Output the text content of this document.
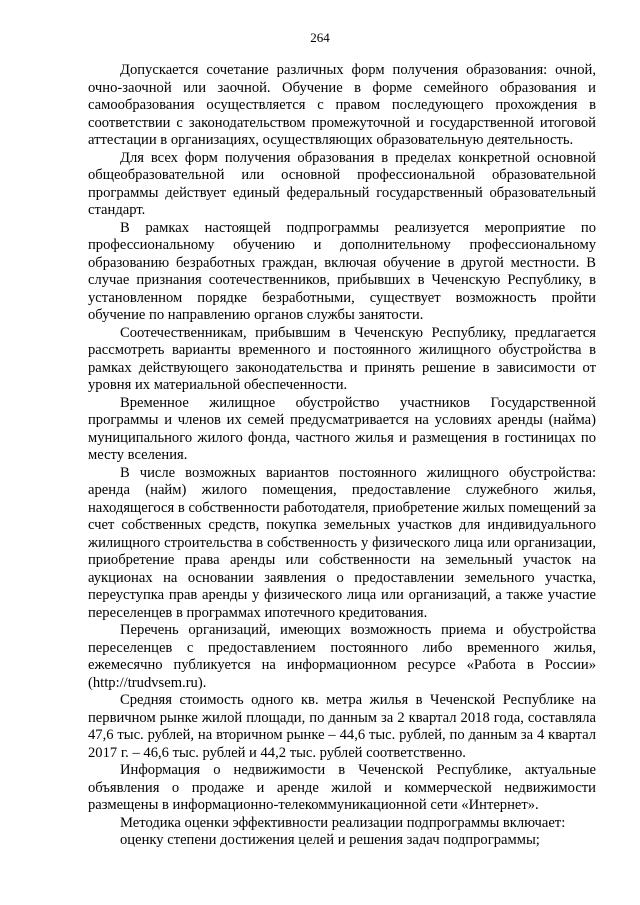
264

Допускается сочетание различных форм получения образования: очной, очно-заочной или заочной. Обучение в форме семейного образования и самообразования осуществляется с правом последующего прохождения в соответствии с законодательством промежуточной и государственной итоговой аттестации в организациях, осуществляющих образовательную деятельность.

Для всех форм получения образования в пределах конкретной основной общеобразовательной или основной профессиональной образовательной программы действует единый федеральный государственный образовательный стандарт.

В рамках настоящей подпрограммы реализуется мероприятие по профессиональному обучению и дополнительному профессиональному образованию безработных граждан, включая обучение в другой местности. В случае признания соотечественников, прибывших в Чеченскую Республику, в установленном порядке безработными, существует возможность пройти обучение по направлению органов службы занятости.

Соотечественникам, прибывшим в Чеченскую Республику, предлагается рассмотреть варианты временного и постоянного жилищного обустройства в рамках действующего законодательства и принять решение в зависимости от уровня их материальной обеспеченности.

Временное жилищное обустройство участников Государственной программы и членов их семей предусматривается на условиях аренды (найма) муниципального жилого фонда, частного жилья и размещения в гостиницах по месту вселения.

В числе возможных вариантов постоянного жилищного обустройства: аренда (найм) жилого помещения, предоставление служебного жилья, находящегося в собственности работодателя, приобретение жилых помещений за счет собственных средств, покупка земельных участков для индивидуального жилищного строительства в собственность у физического лица или организации, приобретение права аренды или собственности на земельный участок на аукционах на основании заявления о предоставлении земельного участка, переуступка прав аренды у физического лица или организаций, а также участие переселенцев в программах ипотечного кредитования.

Перечень организаций, имеющих возможность приема и обустройства переселенцев с предоставлением постоянного либо временного жилья, ежемесячно публикуется на информационном ресурсе «Работа в России» (http://trudvsem.ru).

Средняя стоимость одного кв. метра жилья в Чеченской Республике на первичном рынке жилой площади, по данным за 2 квартал 2018 года, составляла 47,6 тыс. рублей, на вторичном рынке – 44,6 тыс. рублей, по данным за 4 квартал 2017 г. – 46,6 тыс. рублей и 44,2 тыс. рублей соответственно.

Информация о недвижимости в Чеченской Республике, актуальные объявления о продаже и аренде жилой и коммерческой недвижимости размещены в информационно-телекоммуникационной сети «Интернет».

Методика оценки эффективности реализации подпрограммы включает:

оценку степени достижения целей и решения задач подпрограммы;
